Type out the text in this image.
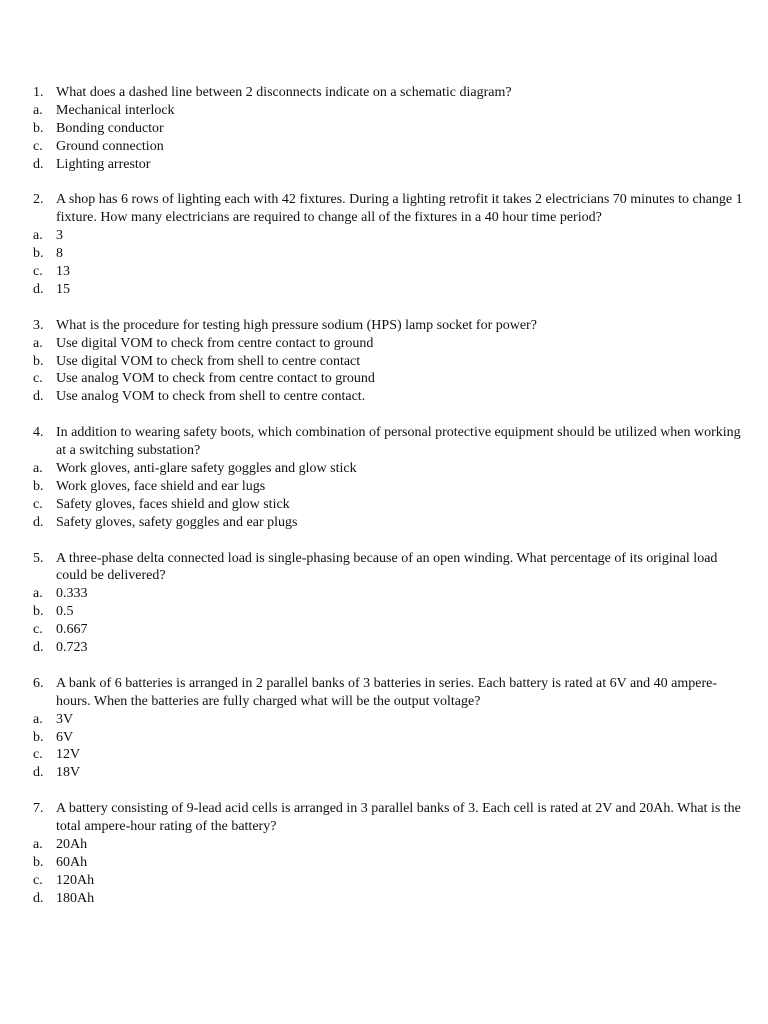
1. What does a dashed line between 2 disconnects indicate on a schematic diagram?
a. Mechanical interlock
b. Bonding conductor
c. Ground connection
d. Lighting arrestor
2. A shop has 6 rows of lighting each with 42 fixtures. During a lighting retrofit it takes 2 electricians 70 minutes to change 1 fixture. How many electricians are required to change all of the fixtures in a 40 hour time period?
a. 3
b. 8
c. 13
d. 15
3. What is the procedure for testing high pressure sodium (HPS) lamp socket for power?
a. Use digital VOM to check from centre contact to ground
b. Use digital VOM to check from shell to centre contact
c. Use analog VOM to check from centre contact to ground
d. Use analog VOM to check from shell to centre contact.
4. In addition to wearing safety boots, which combination of personal protective equipment should be utilized when working at a switching substation?
a. Work gloves, anti-glare safety goggles and glow stick
b. Work gloves, face shield and ear lugs
c. Safety gloves, faces shield and glow stick
d. Safety gloves, safety goggles and ear plugs
5. A three-phase delta connected load is single-phasing because of an open winding. What percentage of its original load could be delivered?
a. 0.333
b. 0.5
c. 0.667
d. 0.723
6. A bank of 6 batteries is arranged in 2 parallel banks of 3 batteries in series. Each battery is rated at 6V and 40 ampere-hours. When the batteries are fully charged what will be the output voltage?
a. 3V
b. 6V
c. 12V
d. 18V
7. A battery consisting of 9-lead acid cells is arranged in 3 parallel banks of 3. Each cell is rated at 2V and 20Ah. What is the total ampere-hour rating of the battery?
a. 20Ah
b. 60Ah
c. 120Ah
d. 180Ah
